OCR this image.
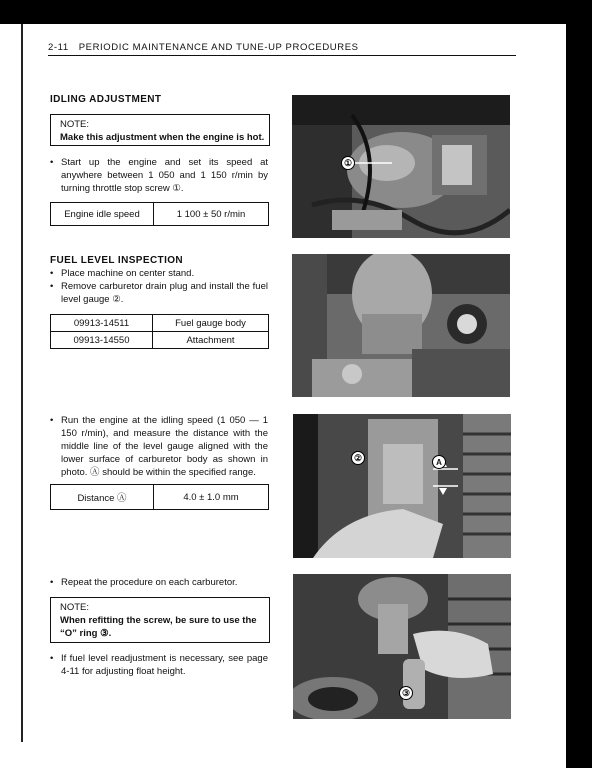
2-11 PERIODIC MAINTENANCE AND TUNE-UP PROCEDURES
IDLING ADJUSTMENT
NOTE:
Make this adjustment when the engine is hot.
• Start up the engine and set its speed at anywhere between 1 050 and 1 150 r/min by turning throttle stop screw ①.
Engine idle speed	1 100 ± 50 r/min
FUEL LEVEL INSPECTION
• Place machine on center stand.
• Remove carburetor drain plug and install the fuel level gauge ②.
09913-14511	Fuel gauge body
09913-14550	Attachment
• Run the engine at the idling speed (1 050 — 1 150 r/min), and measure the distance with the middle line of the level gauge aligned with the lower surface of carburetor body as shown in photo. Ⓐ should be within the specified range.
Distance Ⓐ	4.0 ± 1.0 mm
• Repeat the procedure on each carburetor.
NOTE:
When refitting the screw, be sure to use the “O” ring ③.
• If fuel level readjustment is necessary, see page 4-11 for adjusting float height.
①
②	A
③
